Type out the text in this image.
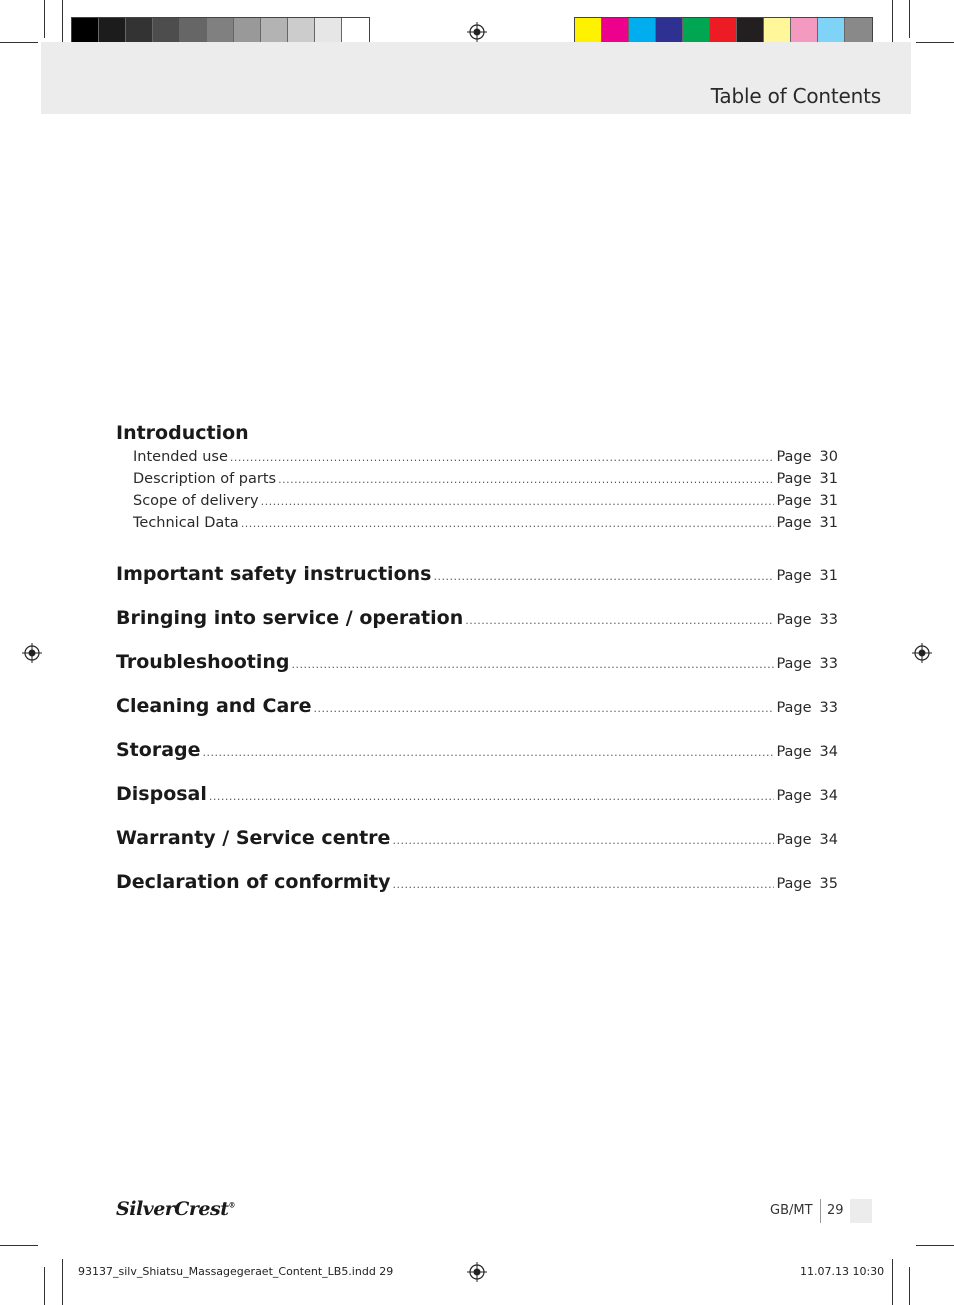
Table of Contents
Introduction
Intended use .....	Page 30
Description of parts .....	Page 31
Scope of delivery .....	Page 31
Technical Data .....	Page 31
Important safety instructions .....	Page 31
Bringing into service / operation .....	Page 33
Troubleshooting .....	Page 33
Cleaning and Care .....	Page 33
Storage .....	Page 34
Disposal .....	Page 34
Warranty / Service centre .....	Page 34
Declaration of conformity .....	Page 35
SilverCrest®	GB/MT 29
93137_silv_Shiatsu_Massagegeraet_Content_LB5.indd 29	11.07.13 10:30
